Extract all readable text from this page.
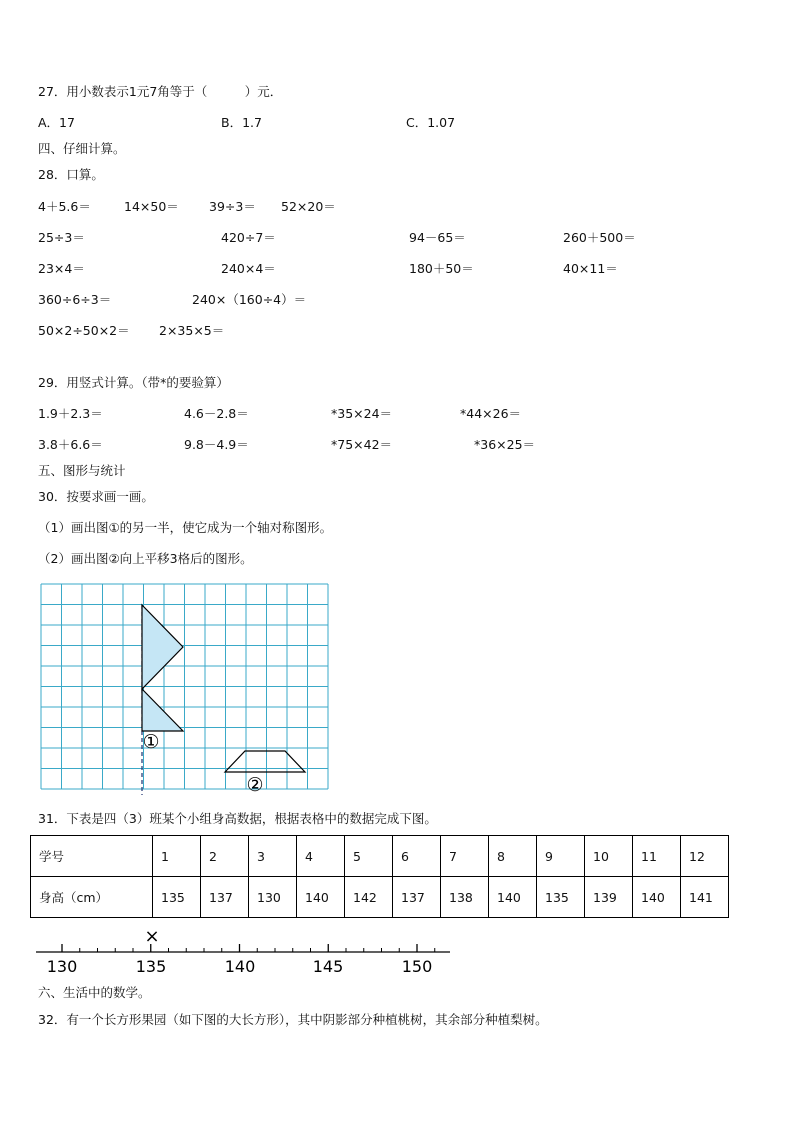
27．用小数表示1元7角等于（　　　）元．
A．17	B．1.7	C．1.07
四、仔细计算。
28．口算。
4＋5.6＝	14×50＝ 39÷3＝ 52×20＝
25÷3＝	420÷7＝	94－65＝	260＋500＝
23×4＝	240×4＝	180＋50＝	40×11＝
360÷6÷3＝	240×（160÷4）＝
50×2÷50×2＝ 2×35×5＝
29．用竖式计算。（带*的要验算）
1.9＋2.3＝	4.6－2.8＝	*35×24＝	*44×26＝
3.8＋6.6＝	9.8－4.9＝	*75×42＝	*36×25＝
五、图形与统计
30．按要求画一画。
（1）画出图①的另一半，使它成为一个轴对称图形。
（2）画出图②向上平移3格后的图形。
①
②
31．下表是四（3）班某个小组身高数据，根据表格中的数据完成下图。
学号	1	2	3	4	5	6	7	8	9	10	11	12
身高（cm）	135	137	130	140	142	137	138	140	135	139	140	141
130	135	140	145	150
×
六、生活中的数学。
32．有一个长方形果园（如下图的大长方形），其中阴影部分种植桃树，其余部分种植梨树。
